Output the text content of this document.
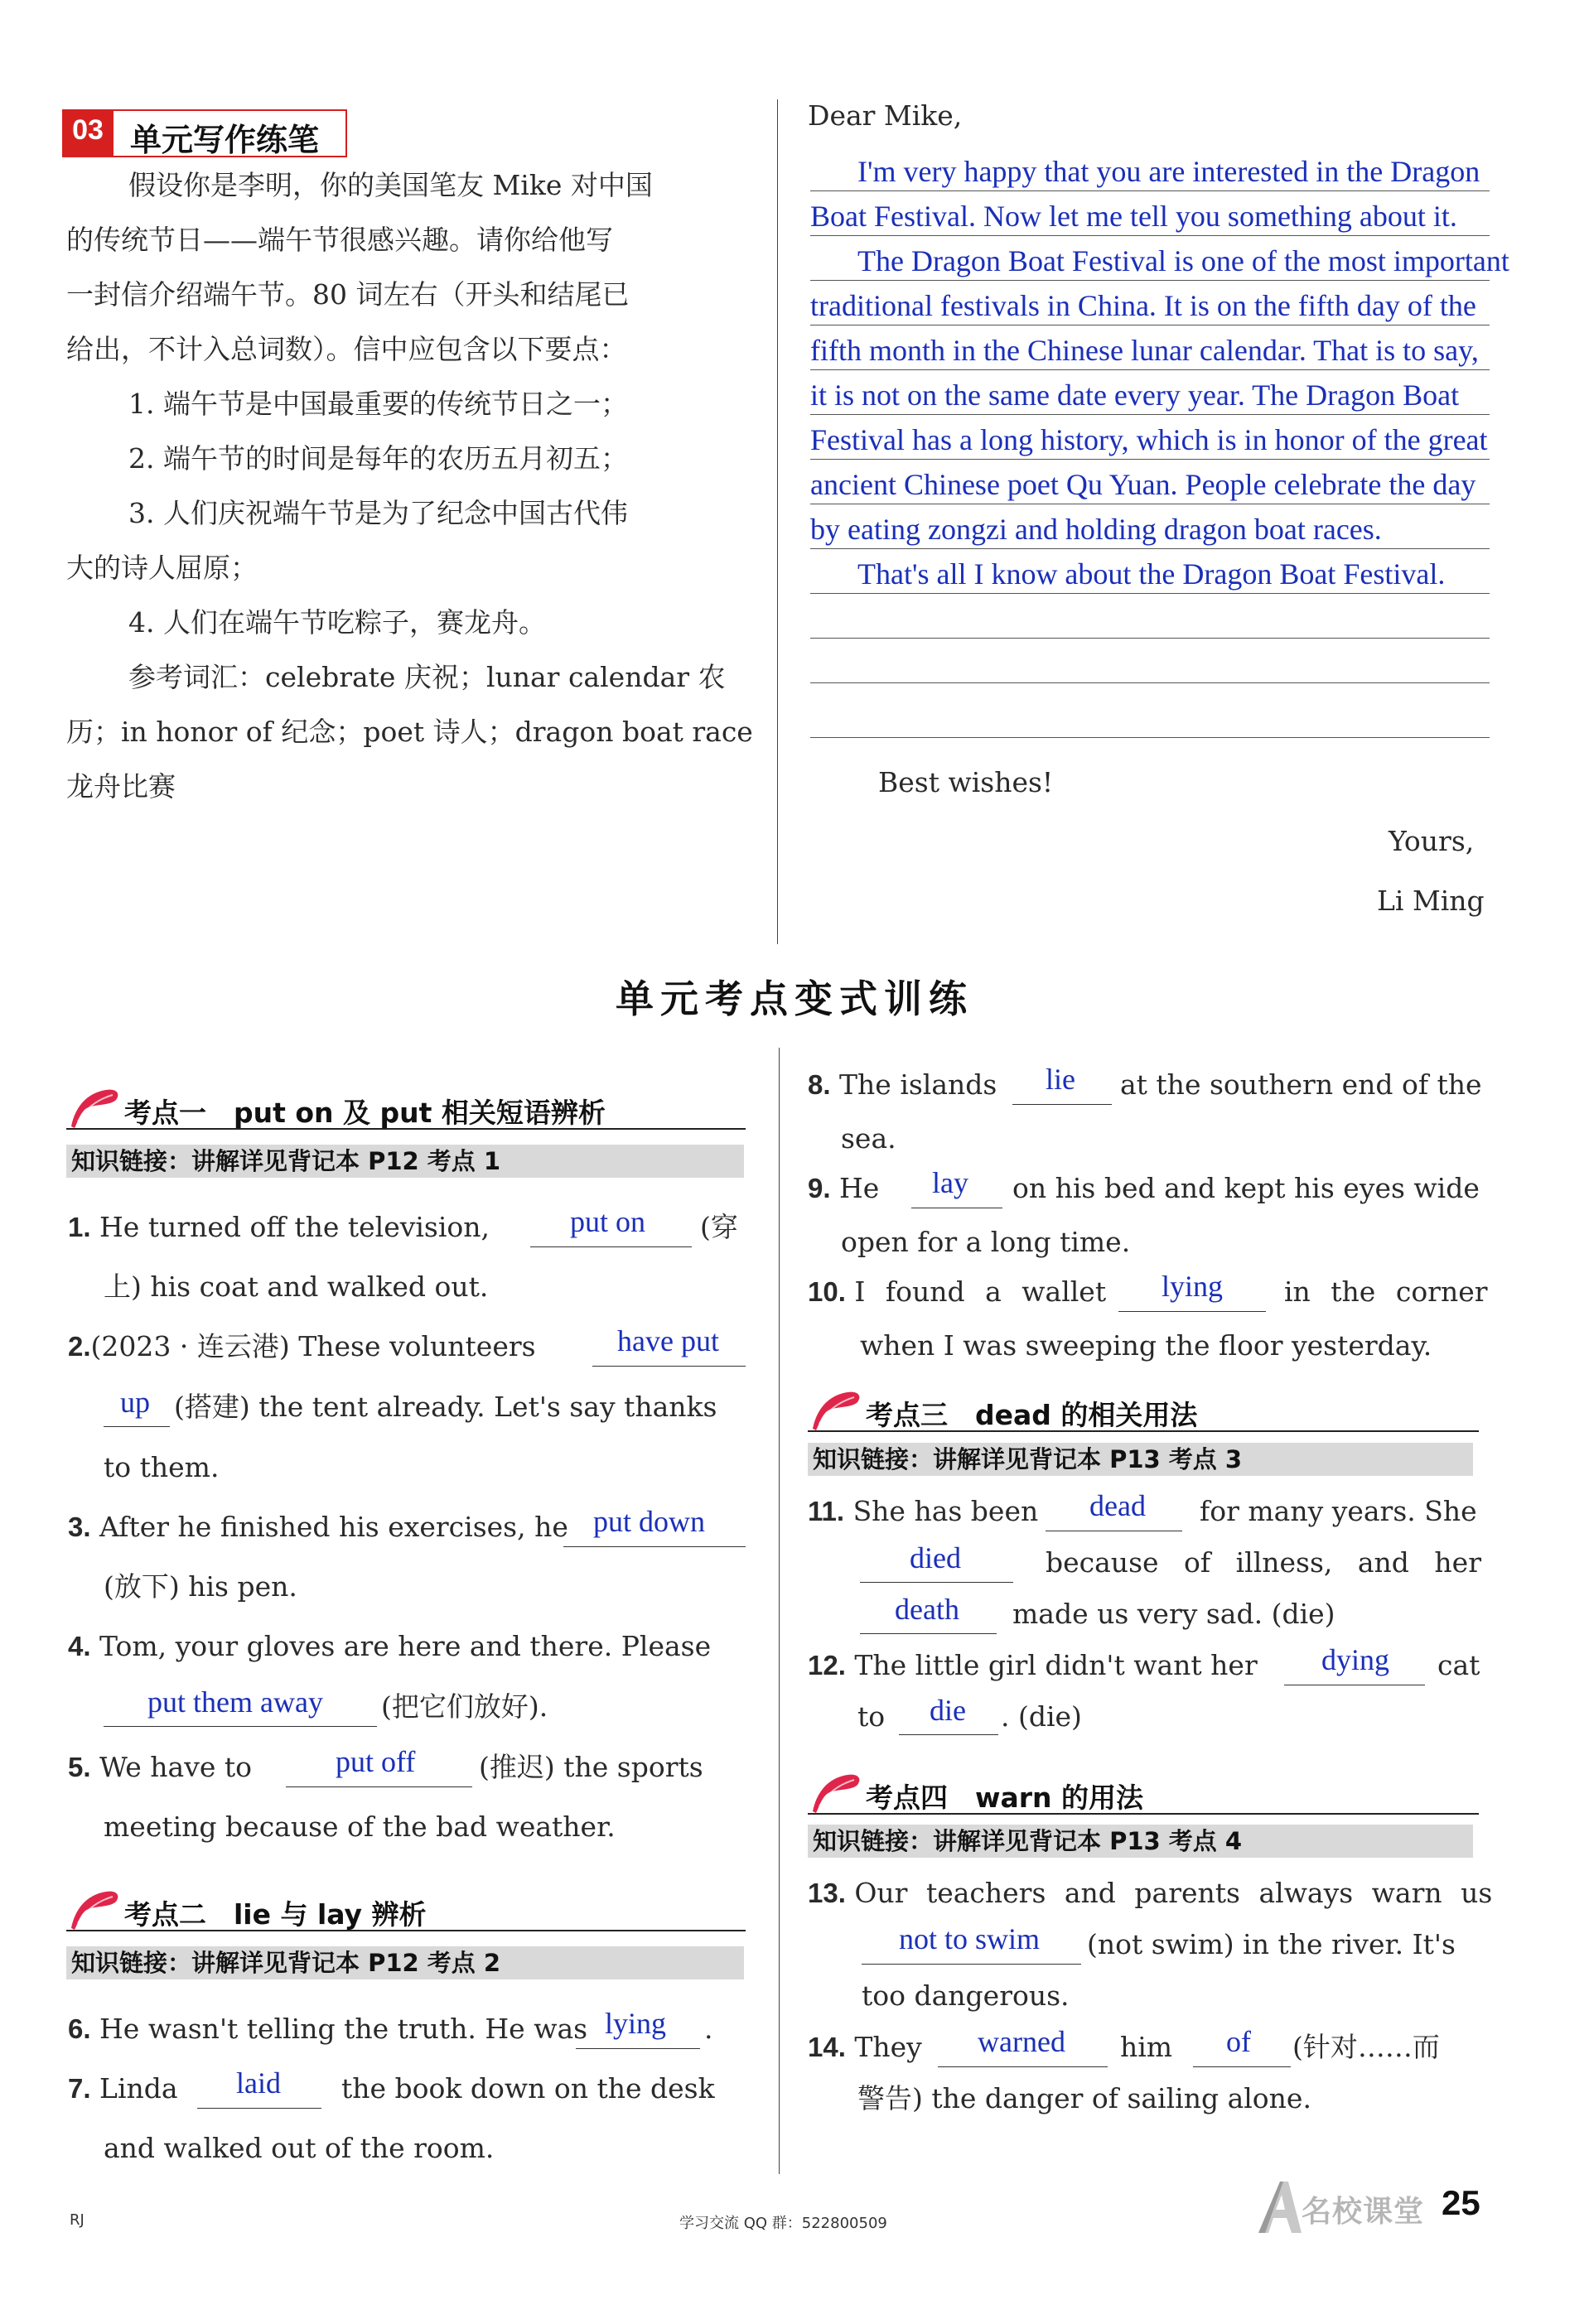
03 单元写作练笔
假设你是李明，你的美国笔友 Mike 对中国
的传统节日——端午节很感兴趣。请你给他写
一封信介绍端午节。80 词左右（开头和结尾已
给出，不计入总词数）。信中应包含以下要点：
1. 端午节是中国最重要的传统节日之一；
2. 端午节的时间是每年的农历五月初五；
3. 人们庆祝端午节是为了纪念中国古代伟
大的诗人屈原；
4. 人们在端午节吃粽子，赛龙舟。
参考词汇：celebrate 庆祝；lunar calendar 农
历；in honor of 纪念；poet 诗人；dragon boat race
龙舟比赛
Dear Mike,
I'm very happy that you are interested in the Dragon
Boat Festival. Now let me tell you something about it.
The Dragon Boat Festival is one of the most important
traditional festivals in China. It is on the fifth day of the
fifth month in the Chinese lunar calendar. That is to say,
it is not on the same date every year. The Dragon Boat
Festival has a long history, which is in honor of the great
ancient Chinese poet Qu Yuan. People celebrate the day
by eating zongzi and holding dragon boat races.
That's all I know about the Dragon Boat Festival.
Best wishes!
Yours,
Li Ming
单元考点变式训练
考点一　put on 及 put 相关短语辨析
知识链接：讲解详见背记本 P12 考点 1
1. He turned off the television,	put on (穿
上) his coat and walked out.
2.(2023 · 连云港) These volunteers	have put
up (搭建) the tent already. Let's say thanks
to them.
3. After he finished his exercises, he put down
(放下) his pen.
4. Tom, your gloves are here and there. Please
put them away (把它们放好).
5. We have to	put off (推迟) the sports
meeting because of the bad weather.
考点二　lie 与 lay 辨析
知识链接：讲解详见背记本 P12 考点 2
6. He wasn't telling the truth. He was lying .
7. Linda laid the book down on the desk
and walked out of the room.
8. The islands lie at the southern end of the
sea.
9. He lay on his bed and kept his eyes wide
open for a long time.
10. I found a wallet lying in the corner
when I was sweeping the floor yesterday.
考点三　dead 的相关用法
知识链接：讲解详见背记本 P13 考点 3
11. She has been dead for many years. She
died	because of illness, and her
death made us very sad. (die)
12. The little girl didn't want her dying cat
to die . (die)
考点四　warn 的用法
知识链接：讲解详见背记本 P13 考点 4
13. Our teachers and parents always warn us
not to swim (not swim) in the river. It's
too dangerous.
14. They warned him of (针对……而
警告) the danger of sailing alone.
RJ	学习交流 QQ 群：522800509	名校课堂 25
